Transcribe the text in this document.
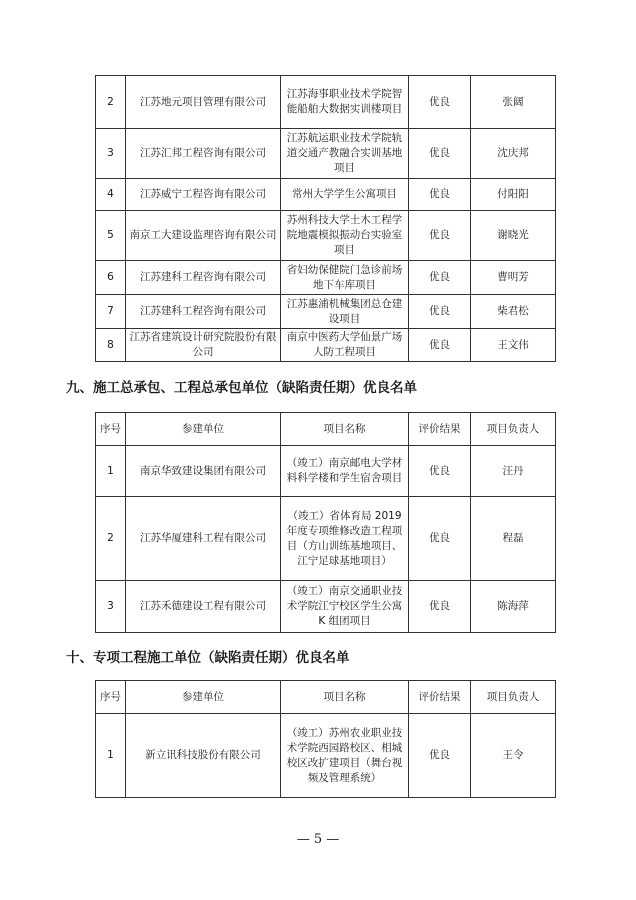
2	江苏地元项目管理有限公司	江苏海事职业技术学院智能船舶大数据实训楼项目	优良	张阔
3	江苏汇邦工程咨询有限公司	江苏航运职业技术学院轨道交通产教融合实训基地项目	优良	沈庆邦
4	江苏威宁工程咨询有限公司	常州大学学生公寓项目	优良	付阳阳
5	南京工大建设监理咨询有限公司	苏州科技大学土木工程学院地震模拟振动台实验室项目	优良	谢晓光
6	江苏建科工程咨询有限公司	省妇幼保健院门急诊前场地下车库项目	优良	曹明芳
7	江苏建科工程咨询有限公司	江苏惠浦机械集团总仓建设项目	优良	柴君松
8	江苏省建筑设计研究院股份有限公司	南京中医药大学仙景广场人防工程项目	优良	王文伟
九、施工总承包、工程总承包单位（缺陷责任期）优良名单
序号	参建单位	项目名称	评价结果	项目负责人
1	南京华致建设集团有限公司	（竣工）南京邮电大学材料科学楼和学生宿舍项目	优良	汪丹
2	江苏华厦建科工程有限公司	（竣工）省体育局 2019 年度专项维修改造工程项目（方山训练基地项目、江宁足球基地项目）	优良	程磊
3	江苏禾德建设工程有限公司	（竣工）南京交通职业技术学院江宁校区学生公寓 K 组团项目	优良	陈海萍
十、专项工程施工单位（缺陷责任期）优良名单
序号	参建单位	项目名称	评价结果	项目负责人
1	新立讯科技股份有限公司	（竣工）苏州农业职业技术学院西园路校区、相城校区改扩建项目（舞台视频及管理系统）	优良	王令
— 5 —
